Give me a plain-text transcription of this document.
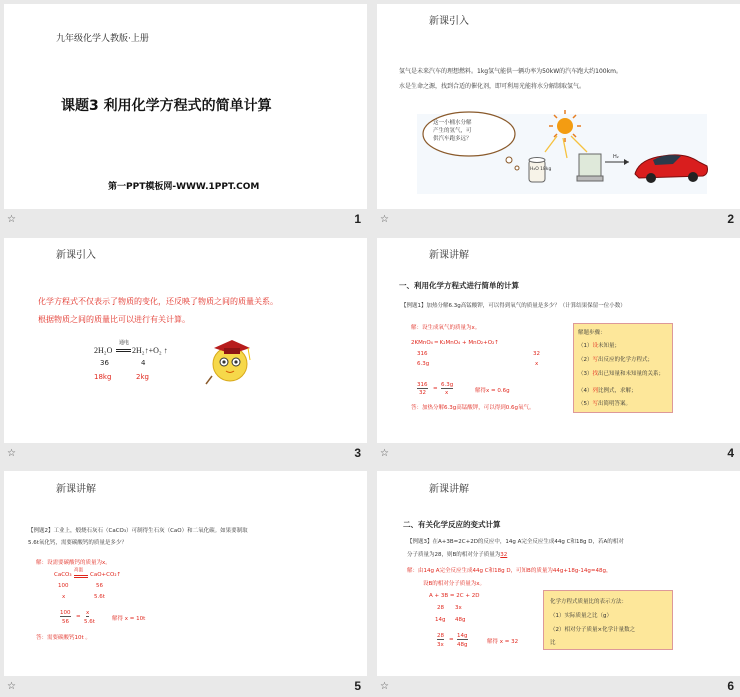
九年级化学人教版·上册
课题3 利用化学方程式的简单计算
第一PPT模板网-WWW.1PPT.COM
☆	1
新课引入
氢气是未来汽车的理想燃料。1kg氢气能供一辆功率为50kW的汽车跑大约100km。
水是生命之源，找到合适的催化剂，即可利用光能将水分解制取氢气。
这一小桶水分解
产生的氢气，可
供汽车跑多远？
H₂O 18kg
H₂
☆	2
新课引入
化学方程式不仅表示了物质的变化，还反映了物质之间的质量关系。
根据物质之间的质量比可以进行有关计算。
2H₂O
通电
2H₂↑+O₂ ↑
36	4
18kg	2kg
☆	3
新课讲解
一、利用化学方程式进行简单的计算
【例题1】加热分解6.3g高锰酸钾，可以得到氧气的质量是多少？（计算结果保留一位小数）
解：设生成氧气的质量为x。
2KMnO₄ ═ K₂MnO₄ + MnO₂+O₂↑
316	32
6.3g	x
316
32
=
6.3g
x	解得x = 0.6g
答：加热分解6.3g高锰酸钾，可以得到0.6g氧气。
解题步骤：
（1）设未知量；
（2）写出反应的化学方程式；
（3）找出已知量和未知量的关系；
（4）列比例式，求解；
（5）写出简明答案。
☆	4
新课讲解
【例题2】工业上，煅烧石灰石（CaCO₃）可制得生石灰（CaO）和二氧化碳。如果要制取
5.6t氧化钙，需要碳酸钙的质量是多少？
解：设需要碳酸钙的质量为x。
CaCO₃
高温
CaO+CO₂↑
100	56
x	5.6t
100
56
=
x
5.6t	解得 x = 10t
答：需要碳酸钙10t 。
☆	5
新课讲解
二、有关化学反应的变式计算
【例题3】在A+3B=2C+2D的反应中，14g A完全反应生成44g C和18g D，若A的相对
分子质量为28，则B的相对分子质量为32
解：由14g A完全反应生成44g C和18g D，可知B的质量为44g+18g-14g=48g，
设B的相对分子质量为x。
A + 3B = 2C + 2D
28 3x
14g 48g
28
3x
=
14g
48g	解得 x = 32
化学方程式质量比的表示方法：
（1）实际质量之比（g）
（2）相对分子质量×化学计量数之
比
☆	6
